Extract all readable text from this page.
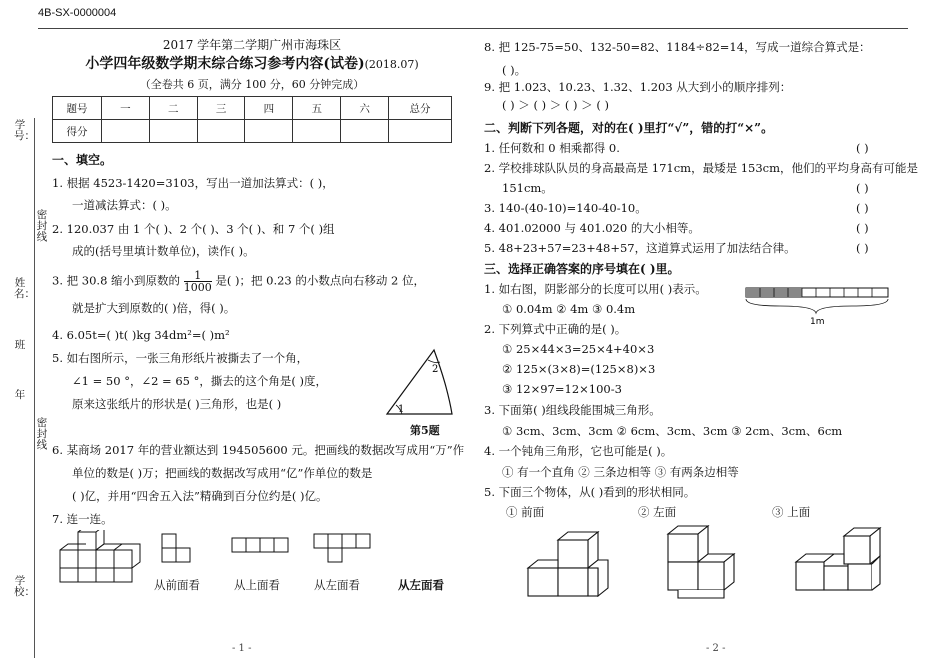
4B-SX-0000004
学号：
密封线
姓名：
班
年
密封线
学校：
2017 学年第二学期广州市海珠区
小学四年级数学期末综合练习参考内容(试卷)(2018.07)
（全卷共 6 页，满分 100 分，60 分钟完成）
题号	一	二	三	四	五	六	总分
得分							
一、填空。
1. 根据 4523-1420=3103，写出一道加法算式：( )，
一道减法算式：( )。
2. 120.037 由 1 个( )、2 个( )、3 个( )、和 7 个( )组
成的(括号里填计数单位)，读作( )。
3. 把 30.8 缩小到原数的 $\frac{1}{1000}$ 是( )；把 0.23 的小数点向右移动 2 位，
就是扩大到原数的( )倍，得( )。
4. 6.05t=( )t( )kg 34dm²=( )m²
5. 如右图所示，一张三角形纸片被撕去了一个角，
∠1 = 50 °，∠2 = 65 °，撕去的这个角是( )度，
原来这张纸片的形状是( )三角形，也是( )	1
2
第5题
6. 某商场 2017 年的营业额达到 194505600 元。把画线的数据改写成用“万”作
单位的数是( )万；把画线的数据改写成用“亿”作单位的数是
( )亿，并用“四舍五入法”精确到百分位约是( )亿。
7. 连一连。
从前面看	从上面看	从左面看	从左面看
- 1 -
8. 把 125-75=50、132-50=82、1184÷82=14，写成一道综合算式是：
( )。
9. 把 1.023、10.23、1.32、1.203 从大到小的顺序排列：
( ) ＞ ( ) ＞ ( ) ＞ ( )
二、判断下列各题，对的在( )里打“√”，错的打“×”。
1. 任何数和 0 相乘都得 0.	( )
2. 学校排球队队员的身高最高是 171cm，最矮是 153cm，他们的平均身高有可能是
151cm。	( )
3. 140-(40-10)=140-40-10。	( )
4. 401.02000 与 401.020 的大小相等。	( )
5. 48+23+57=23+48+57，这道算式运用了加法结合律。	( )
三、选择正确答案的序号填在( )里。
1. 如右图，阴影部分的长度可以用( )表示。
① 0.04m ② 4m ③ 0.4m
1m
2. 下列算式中正确的是( )。
① 25×44×3=25×4+40×3
② 125×(3×8)=(125×8)×3
③ 12×97=12×100-3
3. 下面第( )组线段能围城三角形。
① 3cm、3cm、3cm ② 6cm、3cm、3cm ③ 2cm、3cm、6cm
4. 一个钝角三角形，它也可能是( )。
① 有一个直角 ② 三条边相等 ③ 有两条边相等
5. 下面三个物体，从( )看到的形状相同。
① 前面	② 左面	③ 上面
- 2 -
